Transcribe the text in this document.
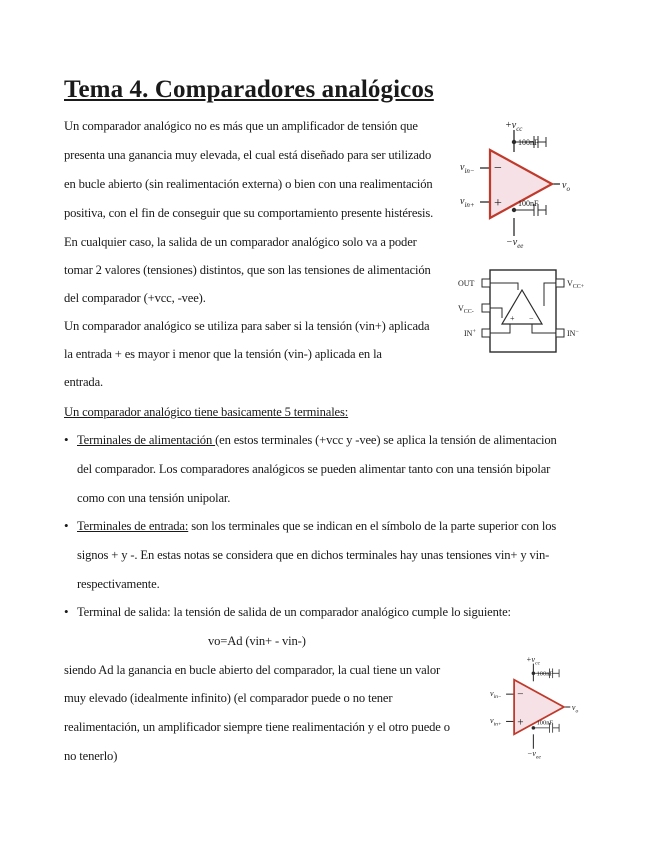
Tema 4. Comparadores analógicos
Un comparador analógico no es más que un amplificador de tensión que
presenta una ganancia muy elevada, el cual está diseñado para ser utilizado
en bucle abierto (sin realimentación externa) o bien con una realimentación
positiva, con el fin de conseguir que su comportamiento presente histéresis.
En cualquier caso, la salida de un comparador analógico solo va a poder
tomar 2 valores (tensiones) distintos, que son las tensiones de alimentación
del comparador (+vcc, -vee).
Un comparador analógico se utiliza para saber si la tensión (vin+) aplicada
la entrada + es mayor i menor que la tensión (vin-) aplicada en la
entrada.
Un comparador analógico tiene basicamente 5 terminales:
• Terminales de alimentación (en estos terminales (+vcc y -vee) se aplica la tensión de alimentacion
del comparador. Los comparadores analógicos se pueden alimentar tanto con una tensión bipolar
como con una tensión unipolar.
• Terminales de entrada: son los terminales que se indican en el símbolo de la parte superior con los
signos + y -. En estas notas se considera que en dichos terminales hay unas tensiones vin+ y vin-
respectivamente.
• Terminal de salida: la tensión de salida de un comparador analógico cumple lo siguiente:
vo=Ad (vin+ - vin-)
siendo Ad la ganancia en bucle abierto del comparador, la cual tiene un valor
muy elevado (idealmente infinito) (el comparador puede o no tener
realimentación, un amplificador siempre tiene realimentación y el otro puede o
no tenerlo)
−
+
$+v_{cc}$
100nF
100nF
$-v_{ee}$
$v_{in-}$
$v_{in+}$
$v_o$
+ −
OUT
$V_{CC-}$
IN+
$V_{CC+}$
IN−
−
+
$+v_{cc}$
100nF
100nF
$-v_{ee}$
$v_{in-}$
$v_{in+}$
$v_o$
